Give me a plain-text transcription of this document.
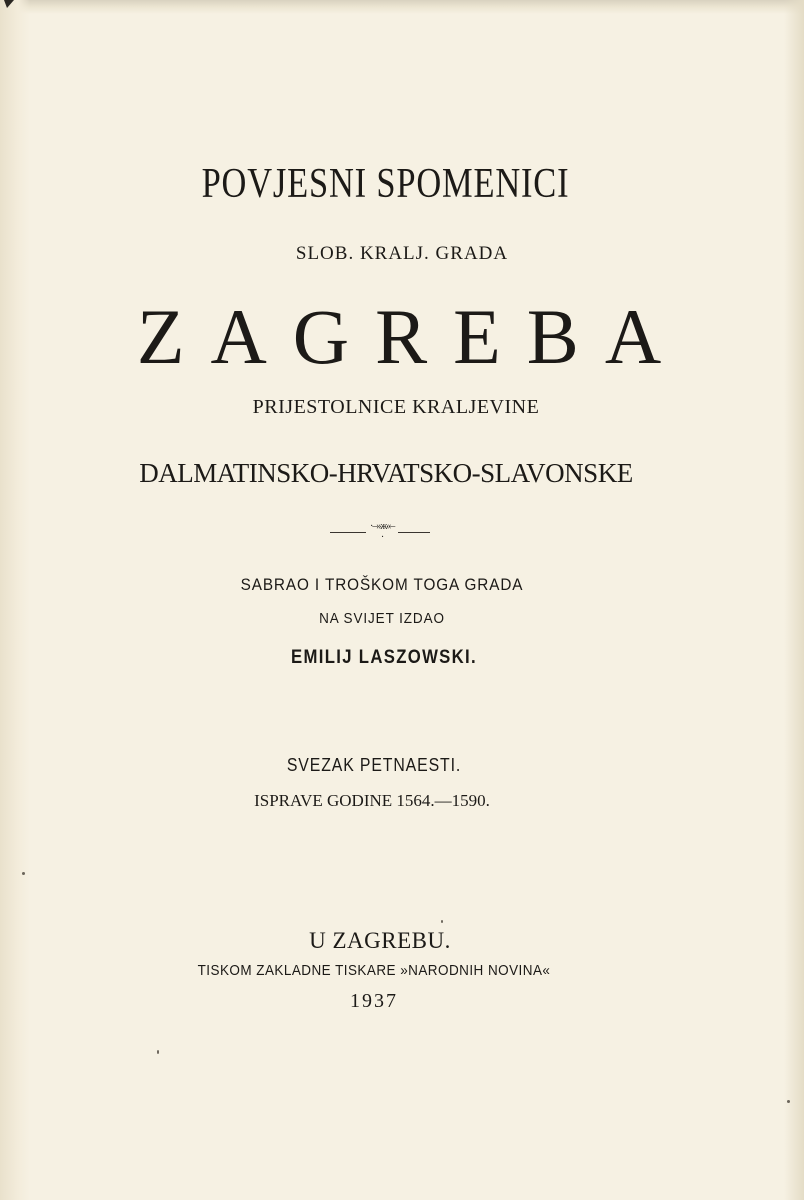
POVJESNI SPOMENICI
SLOB. KRALJ. GRADA
ZAGREBA
PRIJESTOLNICE KRALJEVINE
DALMATINSKO-HRVATSKO-SLAVONSKE
·–»ж«–·
SABRAO I TROŠKOM TOGA GRADA
NA SVIJET IZDAO
EMILIJ LASZOWSKI.
SVEZAK PETNAESTI.
ISPRAVE GODINE 1564.—1590.
U ZAGREBU.
TISKOM ZAKLADNE TISKARE »NARODNIH NOVINA«
1937
